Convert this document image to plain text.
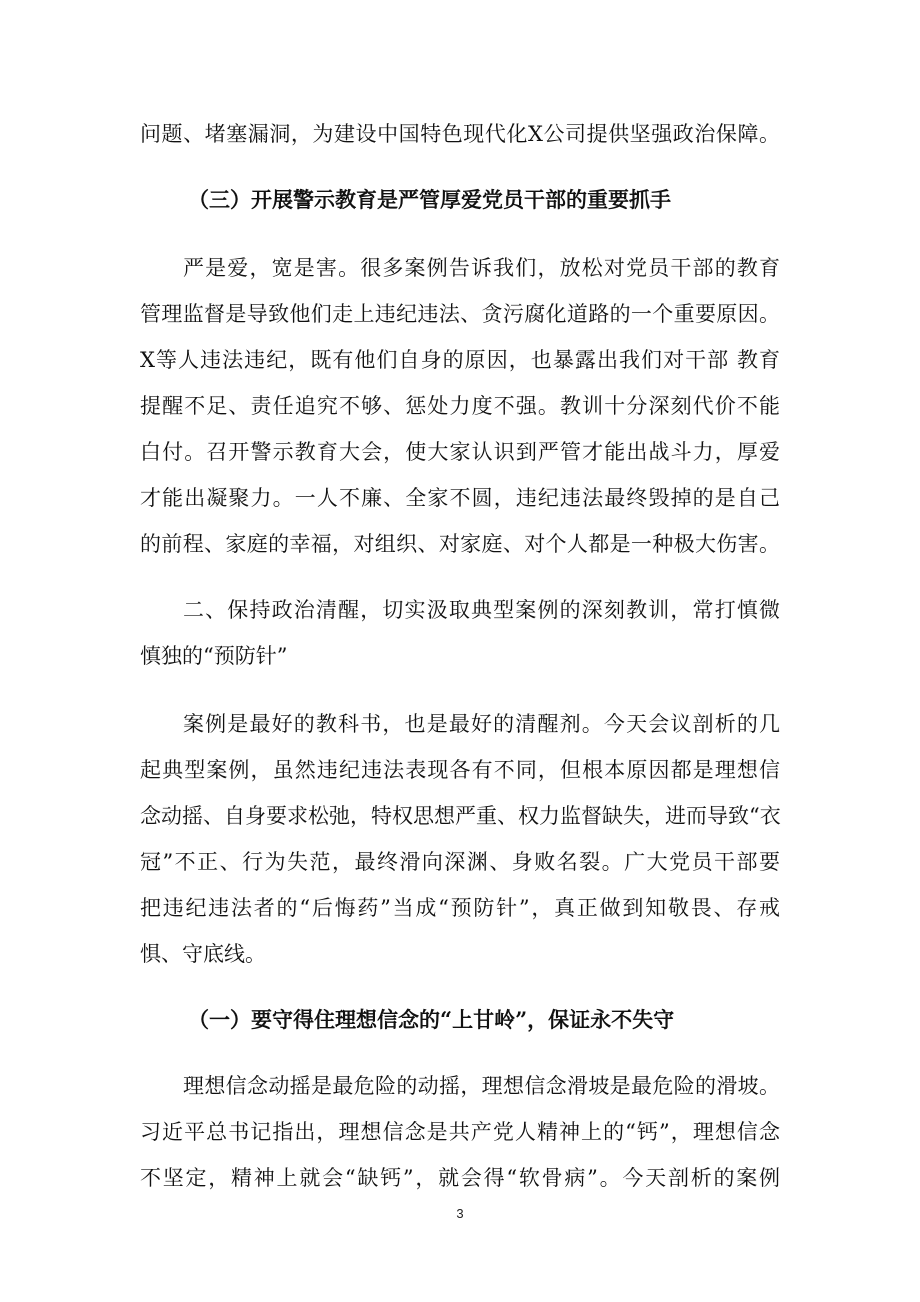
问题、堵塞漏洞，为建设中国特色现代化X公司提供坚强政治保障。
（三）开展警示教育是严管厚爱党员干部的重要抓手
严是爱，宽是害。很多案例告诉我们，放松对党员干部的教育
管理监督是导致他们走上违纪违法、贪污腐化道路的一个重要原因。
X等人违法违纪，既有他们自身的原因，也暴露出我们对干部 教育
提醒不足、责任追究不够、惩处力度不强。教训十分深刻代价不能
白付。召开警示教育大会，使大家认识到严管才能出战斗力，厚爱
才能出凝聚力。一人不廉、全家不圆，违纪违法最终毁掉的是自己
的前程、家庭的幸福，对组织、对家庭、对个人都是一种极大伤害。
二、保持政治清醒，切实汲取典型案例的深刻教训，常打慎微
慎独的“预防针”
案例是最好的教科书，也是最好的清醒剂。今天会议剖析的几
起典型案例，虽然违纪违法表现各有不同，但根本原因都是理想信
念动摇、自身要求松弛，特权思想严重、权力监督缺失，进而导致“衣
冠”不正、行为失范，最终滑向深渊、身败名裂。广大党员干部要
把违纪违法者的“后悔药”当成“预防针”，真正做到知敬畏、存戒
惧、守底线。
（一）要守得住理想信念的“上甘岭”，保证永不失守
理想信念动摇是最危险的动摇，理想信念滑坡是最危险的滑坡。
习近平总书记指出，理想信念是共产党人精神上的“钙”，理想信念
不坚定，精神上就会“缺钙”，就会得“软骨病”。今天剖析的案例
3
